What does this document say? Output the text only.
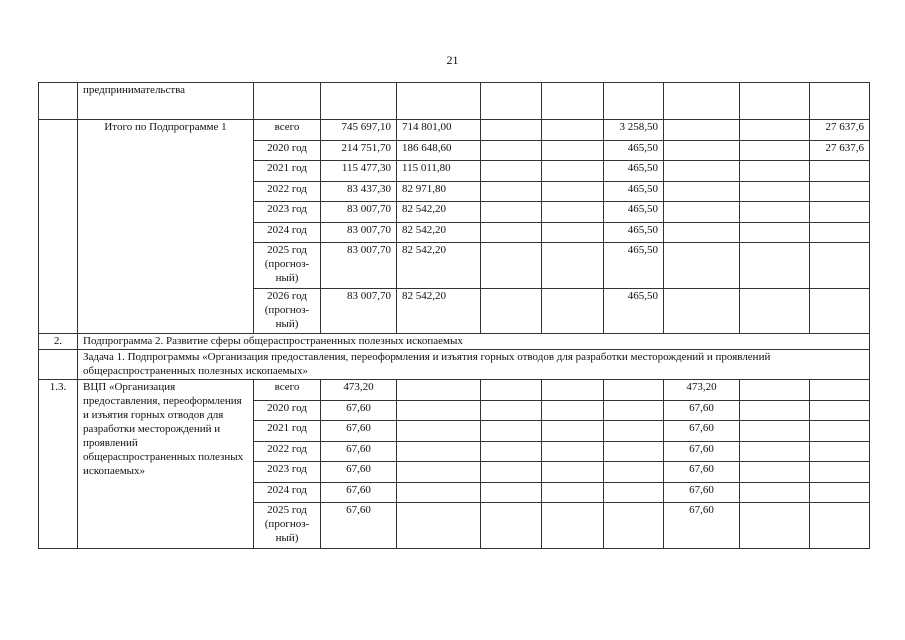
21
	предпринимательства									
	Итого по Подпрограмме 1	всего	745 697,10	714 801,00			3 258,50			27 637,6
		2020 год	214 751,70	186 648,60			465,50			27 637,6
		2021 год	115 477,30	115 011,80			465,50			
		2022 год	83 437,30	82 971,80			465,50			
		2023 год	83 007,70	82 542,20			465,50			
		2024 год	83 007,70	82 542,20			465,50			
		2025 год (прогноз-ный)	83 007,70	82 542,20			465,50			
		2026 год (прогноз-ный)	83 007,70	82 542,20			465,50			
2.	Подпрограмма 2. Развитие сферы общераспространенных полезных ископаемых									
	Задача 1. Подпрограммы «Организация предоставления, переоформления и изъятия горных отводов для разработки месторождений и проявлений общераспространенных полезных ископаемых»									
1.3.	ВЦП «Организация предоставления, переоформления и изъятия горных отводов для разработки месторождений и проявлений общераспространенных полезных ископаемых»	всего	473,20					473,20		
		2020 год	67,60					67,60		
		2021 год	67,60					67,60		
		2022 год	67,60					67,60		
		2023 год	67,60					67,60		
		2024 год	67,60					67,60		
		2025 год (прогноз-ный)	67,60					67,60		
